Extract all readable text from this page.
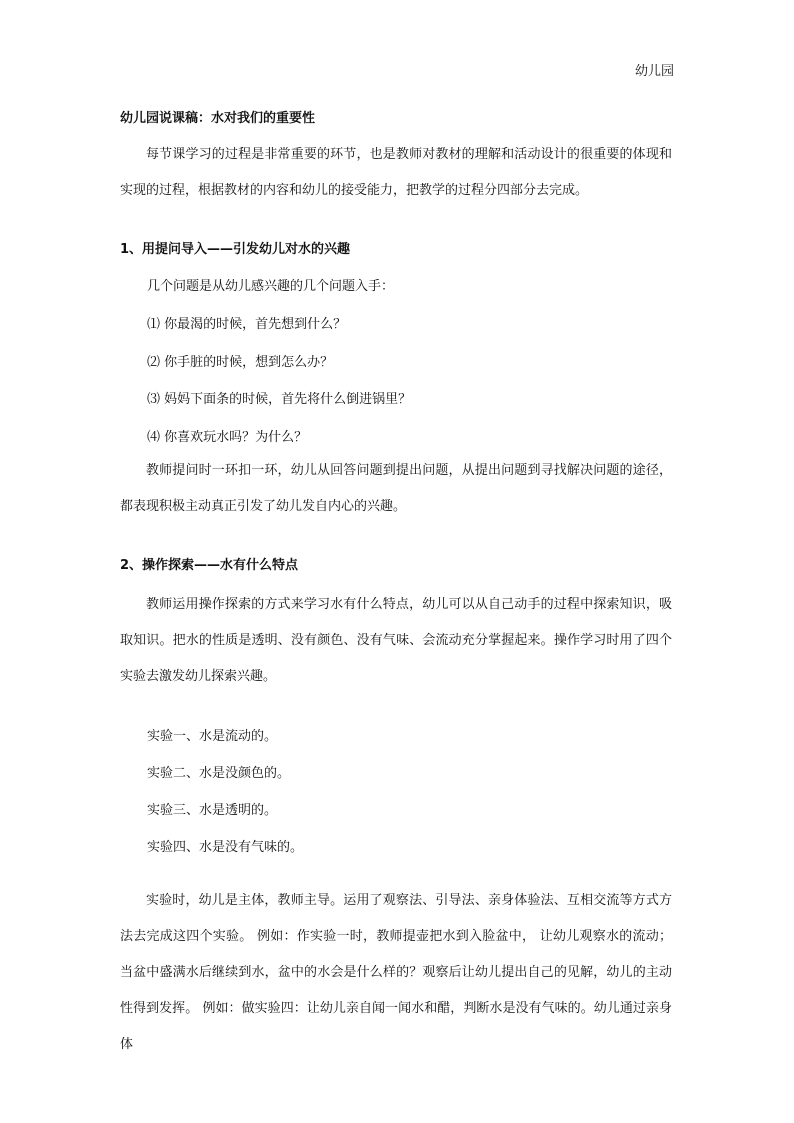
幼儿园
幼儿园说课稿：水对我们的重要性

每节课学习的过程是非常重要的环节，也是教师对教材的理解和活动设计的很重要的体现和实现的过程，根据教材的内容和幼儿的接受能力，把教学的过程分四部分去完成。

1、用提问导入——引发幼儿对水的兴趣

几个问题是从幼儿感兴趣的几个问题入手：

⑴ 你最渴的时候，首先想到什么？

⑵ 你手脏的时候，想到怎么办？

⑶ 妈妈下面条的时候，首先将什么倒进锅里？

⑷ 你喜欢玩水吗？为什么？

教师提问时一环扣一环，幼儿从回答问题到提出问题，从提出问题到寻找解决问题的途径，都表现积极主动真正引发了幼儿发自内心的兴趣。

2、操作探索——水有什么特点

教师运用操作探索的方式来学习水有什么特点，幼儿可以从自己动手的过程中探索知识，吸取知识。把水的性质是透明、没有颜色、没有气味、会流动充分掌握起来。操作学习时用了四个实验去激发幼儿探索兴趣。

实验一、水是流动的。

实验二、水是没颜色的。

实验三、水是透明的。

实验四、水是没有气味的。

实验时，幼儿是主体，教师主导。运用了观察法、引导法、亲身体验法、互相交流等方式方法去完成这四个实验。 例如：作实验一时，教师提壶把水到入脸盆中， 让幼儿观察水的流动；当盆中盛满水后继续到水，盆中的水会是什么样的？观察后让幼儿提出自己的见解，幼儿的主动性得到发挥。 例如：做实验四：让幼儿亲自闻一闻水和醋，判断水是没有气味的。幼儿通过亲身体
